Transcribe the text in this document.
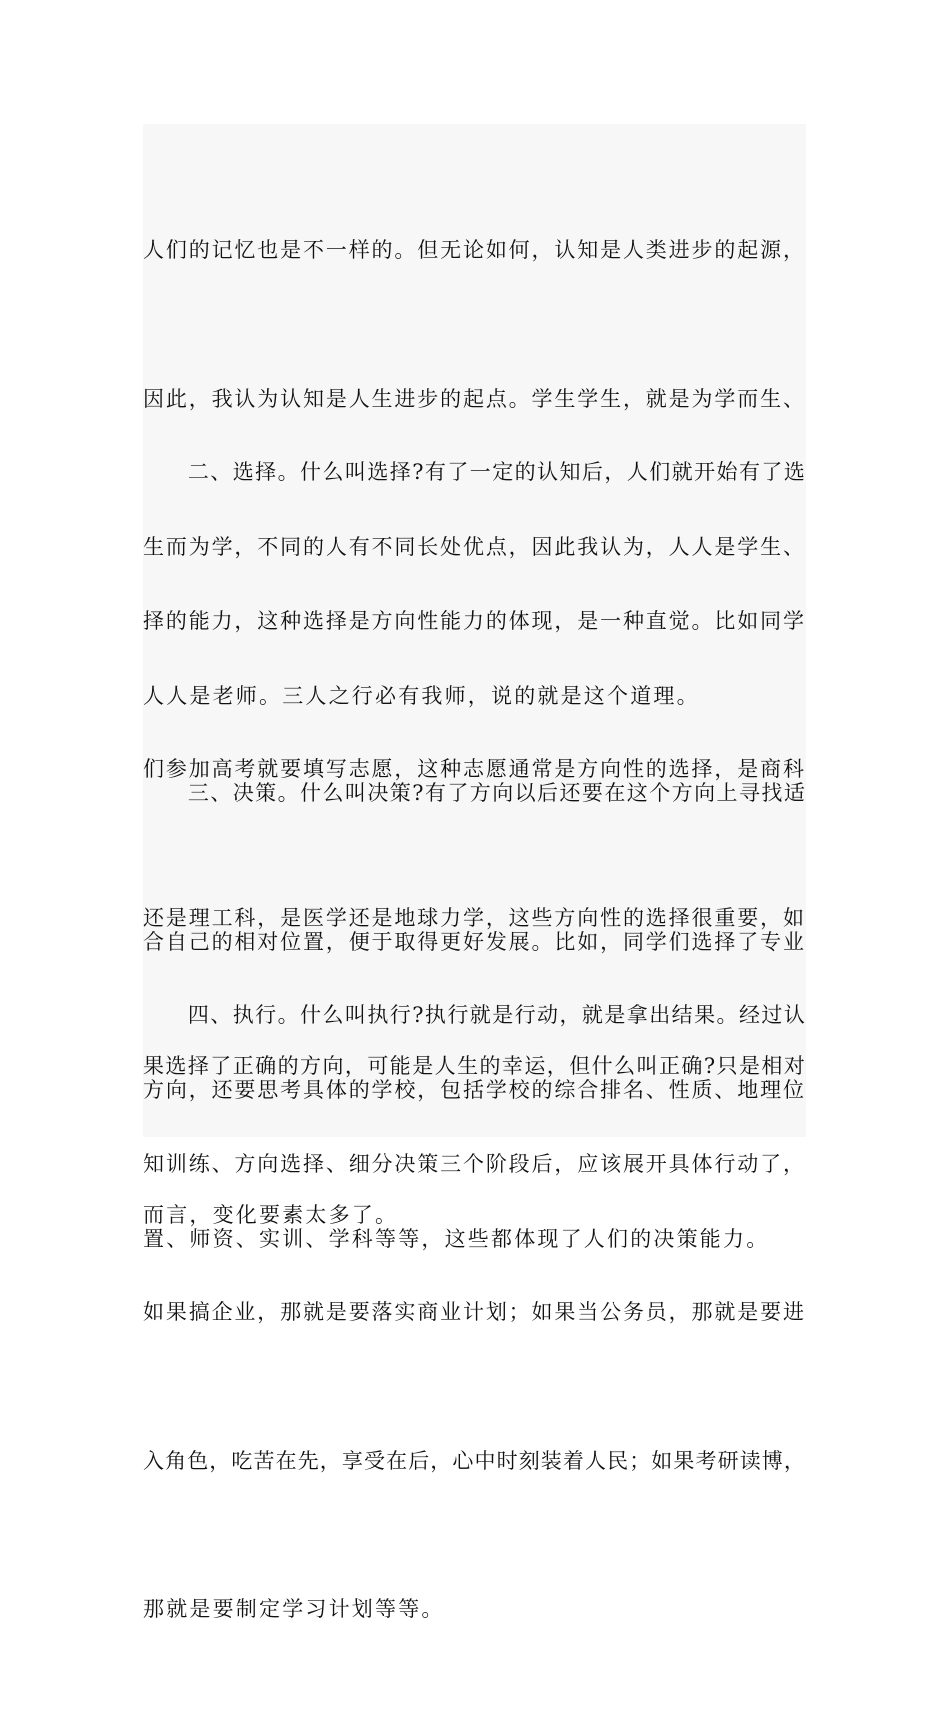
人们的记忆也是不一样的。但无论如何，认知是人类进步的起源，

因此，我认为认知是人生进步的起点。学生学生，就是为学而生、

生而为学，不同的人有不同长处优点，因此我认为，人人是学生、

人人是老师。三人之行必有我师，说的就是这个道理。

　　二、选择。什么叫选择?有了一定的认知后，人们就开始有了选

择的能力，这种选择是方向性能力的体现，是一种直觉。比如同学

们参加高考就要填写志愿，这种志愿通常是方向性的选择，是商科

还是理工科，是医学还是地球力学，这些方向性的选择很重要，如

果选择了正确的方向，可能是人生的幸运，但什么叫正确?只是相对

而言，变化要素太多了。

　　三、决策。什么叫决策?有了方向以后还要在这个方向上寻找适

合自己的相对位置，便于取得更好发展。比如，同学们选择了专业

方向，还要思考具体的学校，包括学校的综合排名、性质、地理位

置、师资、实训、学科等等，这些都体现了人们的决策能力。

　　四、执行。什么叫执行?执行就是行动，就是拿出结果。经过认

知训练、方向选择、细分决策三个阶段后，应该展开具体行动了，

如果搞企业，那就是要落实商业计划；如果当公务员，那就是要进

入角色，吃苦在先，享受在后，心中时刻装着人民；如果考研读博，

那就是要制定学习计划等等。
